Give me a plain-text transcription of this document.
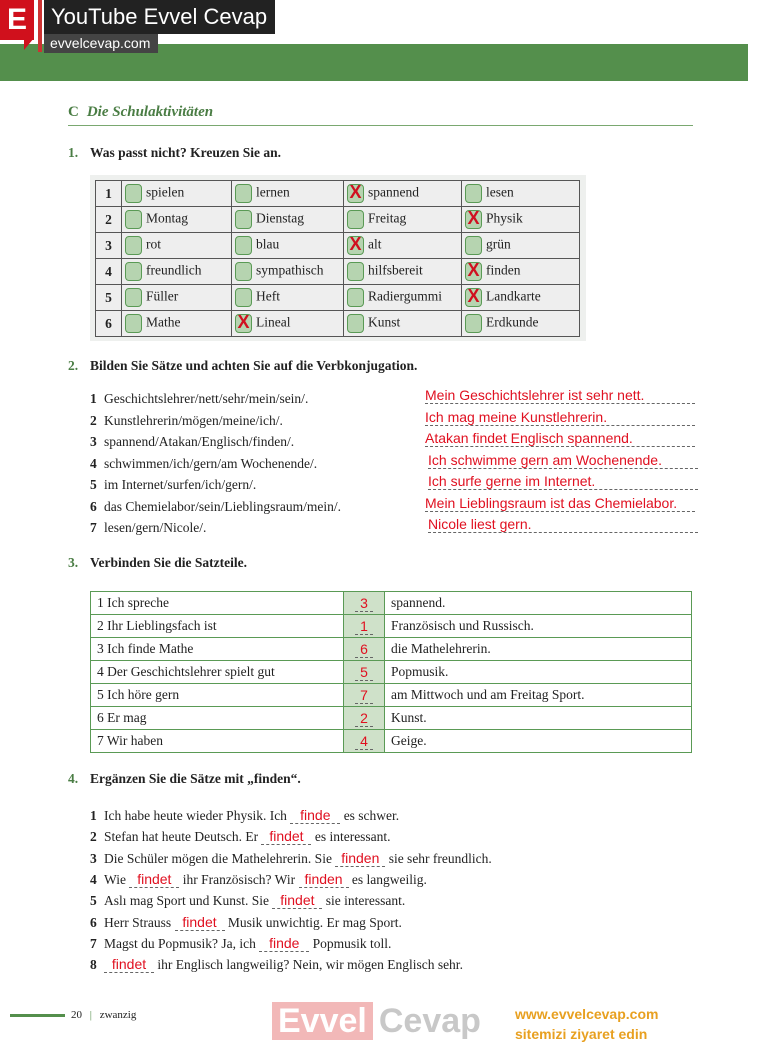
E	YouTube Evvel Cevap
evvelcevap.com
C Die Schulaktivitäten
1. Was passt nicht? Kreuzen Sie an.
1	spielen	lernen	Xspannend	lesen
2	Montag	Dienstag	Freitag	XPhysik
3	rot	blau	Xalt	grün
4	freundlich	sympathisch	hilfsbereit	Xfinden
5	Füller	Heft	Radiergummi	XLandkarte
6	Mathe	XLineal	Kunst	Erdkunde
2. Bilden Sie Sätze und achten Sie auf die Verbkonjugation.
1 Geschichtslehrer/nett/sehr/mein/sein/.	Mein Geschichtslehrer ist sehr nett.
2 Kunstlehrerin/mögen/meine/ich/.	Ich mag meine Kunstlehrerin.
3 spannend/Atakan/Englisch/finden/.	Atakan findet Englisch spannend.
4 schwimmen/ich/gern/am Wochenende/.	Ich schwimme gern am Wochenende.
5 im Internet/surfen/ich/gern/.	Ich surfe gerne im Internet.
6 das Chemielabor/sein/Lieblingsraum/mein/.	Mein Lieblingsraum ist das Chemielabor.
7 lesen/gern/Nicole/.	Nicole liest gern.
3. Verbinden Sie die Satzteile.
1 Ich spreche	3	spannend.
2 Ihr Lieblingsfach ist	1	Französisch und Russisch.
3 Ich finde Mathe	6	die Mathelehrerin.
4 Der Geschichtslehrer spielt gut	5	Popmusik.
5 Ich höre gern	7	am Mittwoch und am Freitag Sport.
6 Er mag	2	Kunst.
7 Wir haben	4	Geige.
4. Ergänzen Sie die Sätze mit „finden“.
1 Ich habe heute wieder Physik. Ich finde es schwer.
2 Stefan hat heute Deutsch. Er findet es interessant.
3 Die Schüler mögen die Mathelehrerin. Sie finden sie sehr freundlich.
4 Wie findet ihr Französisch? Wir finden es langweilig.
5 Aslı mag Sport und Kunst. Sie findet sie interessant.
6 Herr Strauss findet Musik unwichtig. Er mag Sport.
7 Magst du Popmusik? Ja, ich finde Popmusik toll.
8 findet ihr Englisch langweilig? Nein, wir mögen Englisch sehr.
www.evvelcevap.com
sitemizi ziyaret edin
20 | zwanzig	Evvel Cevap
